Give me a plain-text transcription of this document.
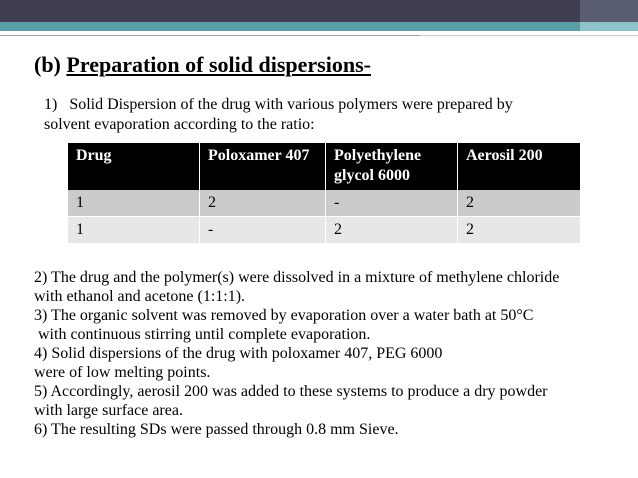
(b) Preparation of solid dispersions-
1)   Solid Dispersion of the drug with various polymers were prepared by
solvent evaporation according to the ratio:
Drug	Poloxamer 407	Polyethylene glycol 6000	Aerosil 200
1	2	-	2
1	-	2	2
2) The drug and the polymer(s) were dissolved in a mixture of methylene chloride
with ethanol and acetone (1:1:1).
3) The organic solvent was removed by evaporation over a water bath at 50°C
with continuous stirring until complete evaporation.
4) Solid dispersions of the drug with poloxamer 407, PEG 6000
were of low melting points.
5) Accordingly, aerosil 200 was added to these systems to produce a dry powder
with large surface area.
6) The resulting SDs were passed through 0.8 mm Sieve.
